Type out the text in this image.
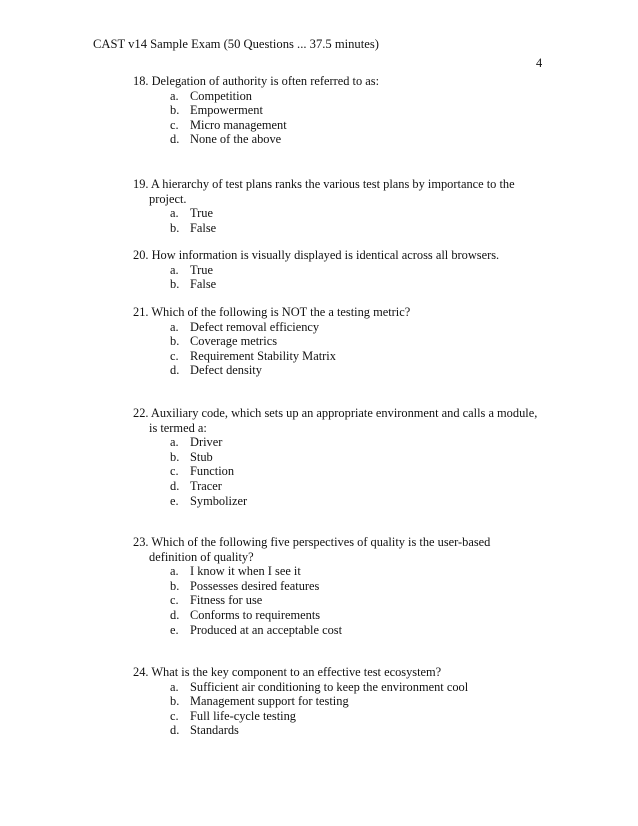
CAST v14 Sample Exam (50 Questions ... 37.5 minutes)
4
18. Delegation of authority is often referred to as:
a. Competition
b. Empowerment
c. Micro management
d. None of the above
19. A hierarchy of test plans ranks the various test plans by importance to the
project.
a. True
b. False
20. How information is visually displayed is identical across all browsers.
a. True
b. False
21. Which of the following is NOT the a testing metric?
a. Defect removal efficiency
b. Coverage metrics
c. Requirement Stability Matrix
d. Defect density
22. Auxiliary code, which sets up an appropriate environment and calls a module,
is termed a:
a. Driver
b. Stub
c. Function
d. Tracer
e. Symbolizer
23. Which of the following five perspectives of quality is the user-based
definition of quality?
a. I know it when I see it
b. Possesses desired features
c. Fitness for use
d. Conforms to requirements
e. Produced at an acceptable cost
24. What is the key component to an effective test ecosystem?
a. Sufficient air conditioning to keep the environment cool
b. Management support for testing
c. Full life-cycle testing
d. Standards
